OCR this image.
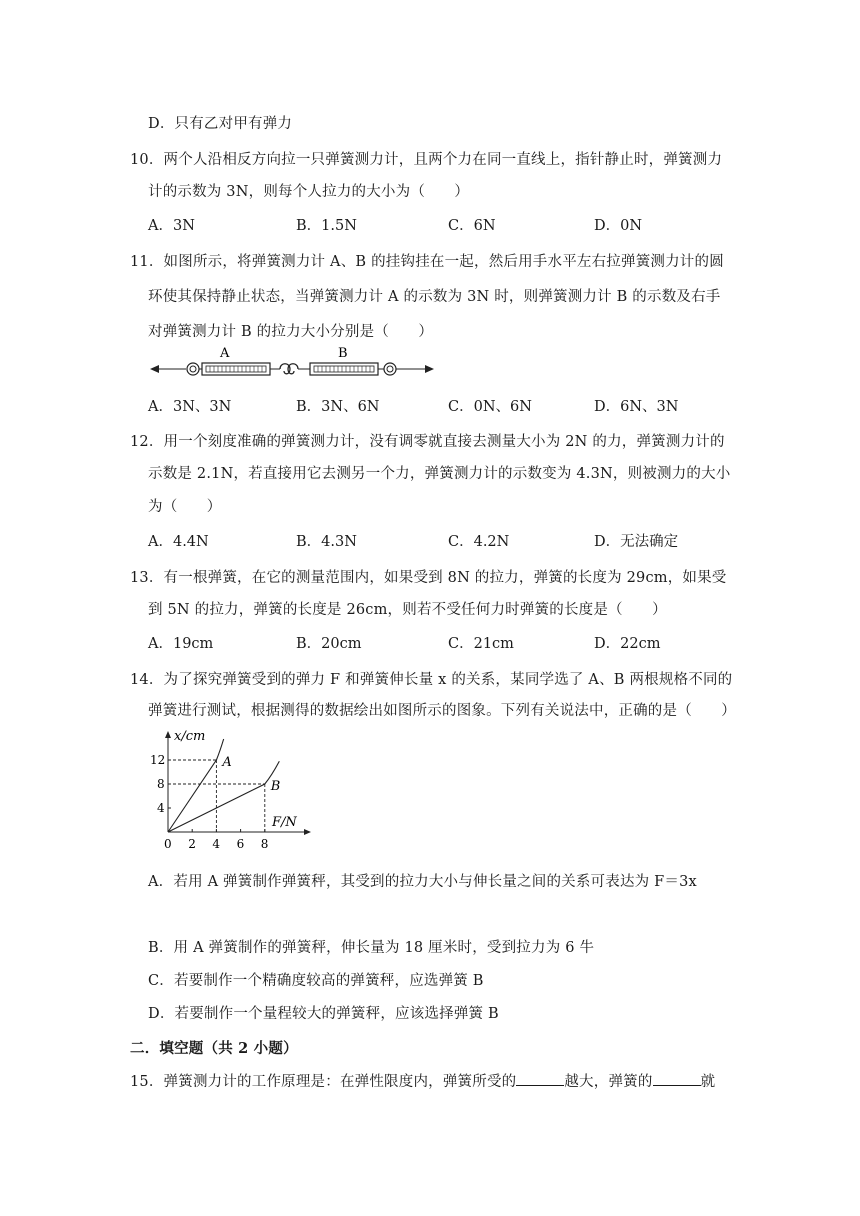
D．只有乙对甲有弹力
10．两个人沿相反方向拉一只弹簧测力计，且两个力在同一直线上，指针静止时，弹簧测力
计的示数为 3N，则每个人拉力的大小为（　　）
A．3N	B．1.5N	C．6N	D．0N
11．如图所示，将弹簧测力计 A、B 的挂钩挂在一起，然后用手水平左右拉弹簧测力计的圆
环使其保持静止状态，当弹簧测力计 A 的示数为 3N 时，则弹簧测力计 B 的示数及右手
对弹簧测力计 B 的拉力大小分别是（　　）
A	B
A．3N、3N	B．3N、6N	C．0N、6N	D．6N、3N
12．用一个刻度准确的弹簧测力计，没有调零就直接去测量大小为 2N 的力，弹簧测力计的
示数是 2.1N，若直接用它去测另一个力，弹簧测力计的示数变为 4.3N，则被测力的大小
为（　　）
A．4.4N	B．4.3N	C．4.2N	D．无法确定
13．有一根弹簧，在它的测量范围内，如果受到 8N 的拉力，弹簧的长度为 29cm，如果受
到 5N 的拉力，弹簧的长度是 26cm，则若不受任何力时弹簧的长度是（　　）
A．19cm	B．20cm	C．21cm	D．22cm
14．为了探究弹簧受到的弹力 F 和弹簧伸长量 x 的关系，某同学选了 A、B 两根规格不同的
弹簧进行测试，根据测得的数据绘出如图所示的图象。下列有关说法中，正确的是（　　）
A
B
0 2 4 6 8
4
8
12
x/cm
F/N
A．若用 A 弹簧制作弹簧秤，其受到的拉力大小与伸长量之间的关系可表达为 F＝3x
B．用 A 弹簧制作的弹簧秤，伸长量为 18 厘米时，受到拉力为 6 牛
C．若要制作一个精确度较高的弹簧秤，应选弹簧 B
D．若要制作一个量程较大的弹簧秤，应该选择弹簧 B
二．填空题（共 2 小题）
15．弹簧测力计的工作原理是：在弹性限度内，弹簧所受的	越大，弹簧的	就
